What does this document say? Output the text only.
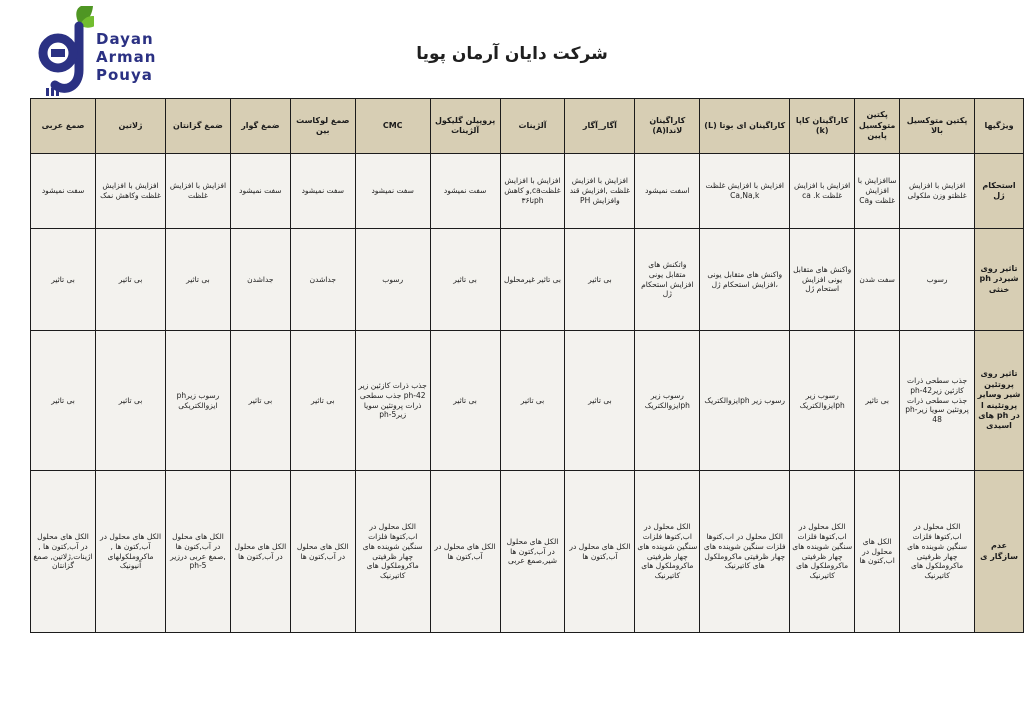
Dayan
Arman
Pouya
شرکت دایان آرمان پویا
ویژگیها	پکتین متوکسیل بالا	پکتین متوکسیل پایین	کاراگینان کاپا (k)	کاراگینان ای بوتا (L)	کاراگینان لاندا(A)	آگار_آگار	آلژینات	پروپیلن گلیکول آلژینات	CMC	صمغ لوکاست بین	ضمغ گوار	ضمغ گزانتان	ژلاتین	صمغ عربی
استحکام ژل	افزایش با افزایش غلظتو وزن ملکولی	ساافزایش با افزایش غلظت وCa	افزایش با افزایش غلظت ca .k	افزایش با افزایش غلظت Ca,Na,k	اسفت نمیشود	افزایش با افزایش غلظت ,افزایش قند وافزایش PH	افزایش با افزایش غلظتca,و کاهش phتا۳۶	سفت نمیشود	سفت نمیشود	سفت نمیشود	سفت نمیشود	افزایش با افزایش غلظت	افزایش با افزایش غلظت وکاهش نمک	سفت نمیشود
تاثیر روی شیردر ph خنثی	رسوب	سفت شدن	واکنش های متقابل یونی افزایش استحام ژل	واکنش های متقابل یونی ،افزایش استحکام ژل	واتکنش های متقابل یونی افزایش استحکام ژل	بی تاثیر	بی تاثیر غیرمحلول	بی تاثیر	رسوب	جداشدن	جداشدن	بی تاثیر	بی تاثیر	بی تاثیر
تاثیر روی پروتئین شیر وسایر پروتئینه ا در ph های اسیدی	جذب سطحی ذرات کازئین زیرph-42 جذب سطحی ذرات پروتئین سویا زیرph-48	بی تاثیر	رسوب زیر phایزوالکتریک	رسوب زیر phایزوالکتریک	رسوب زیر phایزوالکتریک	بی تاثیر	بی تاثیر	بی تاثیر	جذب ذرات کازئین زیر ph-42 جذب سطحی ذرات پروتئین سویا زیرph-5	بی تاثیر	بی تاثیر	رسوب زیرph ایزوالکتریکی	بی تاثیر	بی تاثیر
عدم سازگار ی	الکل محلول در اب,کتوها فلزات سنگین شوینده های چهار ظرفیتی ماکروملکول های کاتیرنیک	الکل های محلول در اب,کتون ها	الکل محلول در اب,کتوها فلزات سنگین شوینده های چهار ظرفیتی ماکروملکول های کاتیرنیک	الکل محلول در اب,کتوها فلزات سنگین شوینده های چهار ظرفیتی ماکروملکول های کاتیرنیک	الکل محلول در اب,کتوها فلزات سنگین شوینده های چهار ظرفیتی ماکروملکول های کاتیرنیک	الکل های محلول در آب,کتون ها	الکل های محلول در آب,کتون ها شیر,صمغ عربی	الکل های محلول در آب,کتون ها	الکل محلول در اب,کتوها فلزات سنگین شوینده های چهار ظرفیتی ماکروملکول های کاتیرنیک	الکل های محلول در آب,کتون ها	الکل های محلول در آب,کتون ها	الکل های محلول در آب,کتون ها ,صمغ عربی درزیر ph-5	الکل های محلول در آب,کتون ها , ماکروملکولهای آنیونیک	الکل های محلول در آب,کتون ها , اژینات,ژلاتین, صمغ گزانتان
